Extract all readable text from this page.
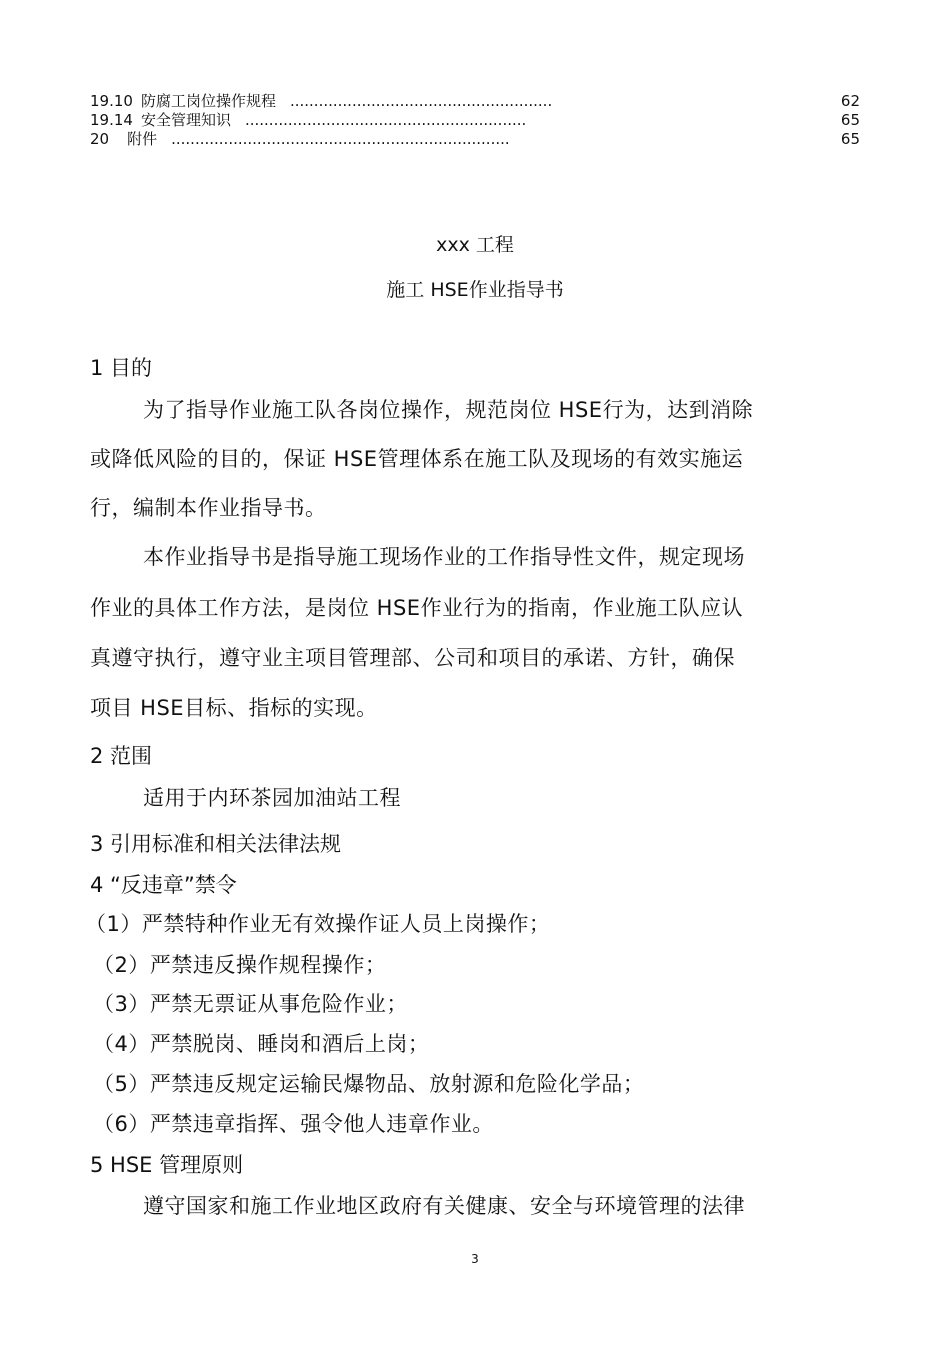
19.10 防腐工岗位操作规程 .......................................................	62
19.14 安全管理知识 ...........................................................	65
20 附件 .......................................................................	65
xxx 工程
施工 HSE作业指导书
1 目的
为了指导作业施工队各岗位操作，规范岗位 HSE行为，达到消除
或降低风险的目的，保证 HSE管理体系在施工队及现场的有效实施运
行，编制本作业指导书。
本作业指导书是指导施工现场作业的工作指导性文件，规定现场
作业的具体工作方法，是岗位 HSE作业行为的指南，作业施工队应认
真遵守执行，遵守业主项目管理部、公司和项目的承诺、方针，确保
项目 HSE目标、指标的实现。
2 范围
适用于内环茶园加油站工程
3 引用标准和相关法律法规
4 “反违章”禁令
（1）严禁特种作业无有效操作证人员上岗操作；
（2）严禁违反操作规程操作；
（3）严禁无票证从事危险作业；
（4）严禁脱岗、睡岗和酒后上岗；
（5）严禁违反规定运输民爆物品、放射源和危险化学品；
（6）严禁违章指挥、强令他人违章作业。
5 HSE 管理原则
遵守国家和施工作业地区政府有关健康、安全与环境管理的法律
3
